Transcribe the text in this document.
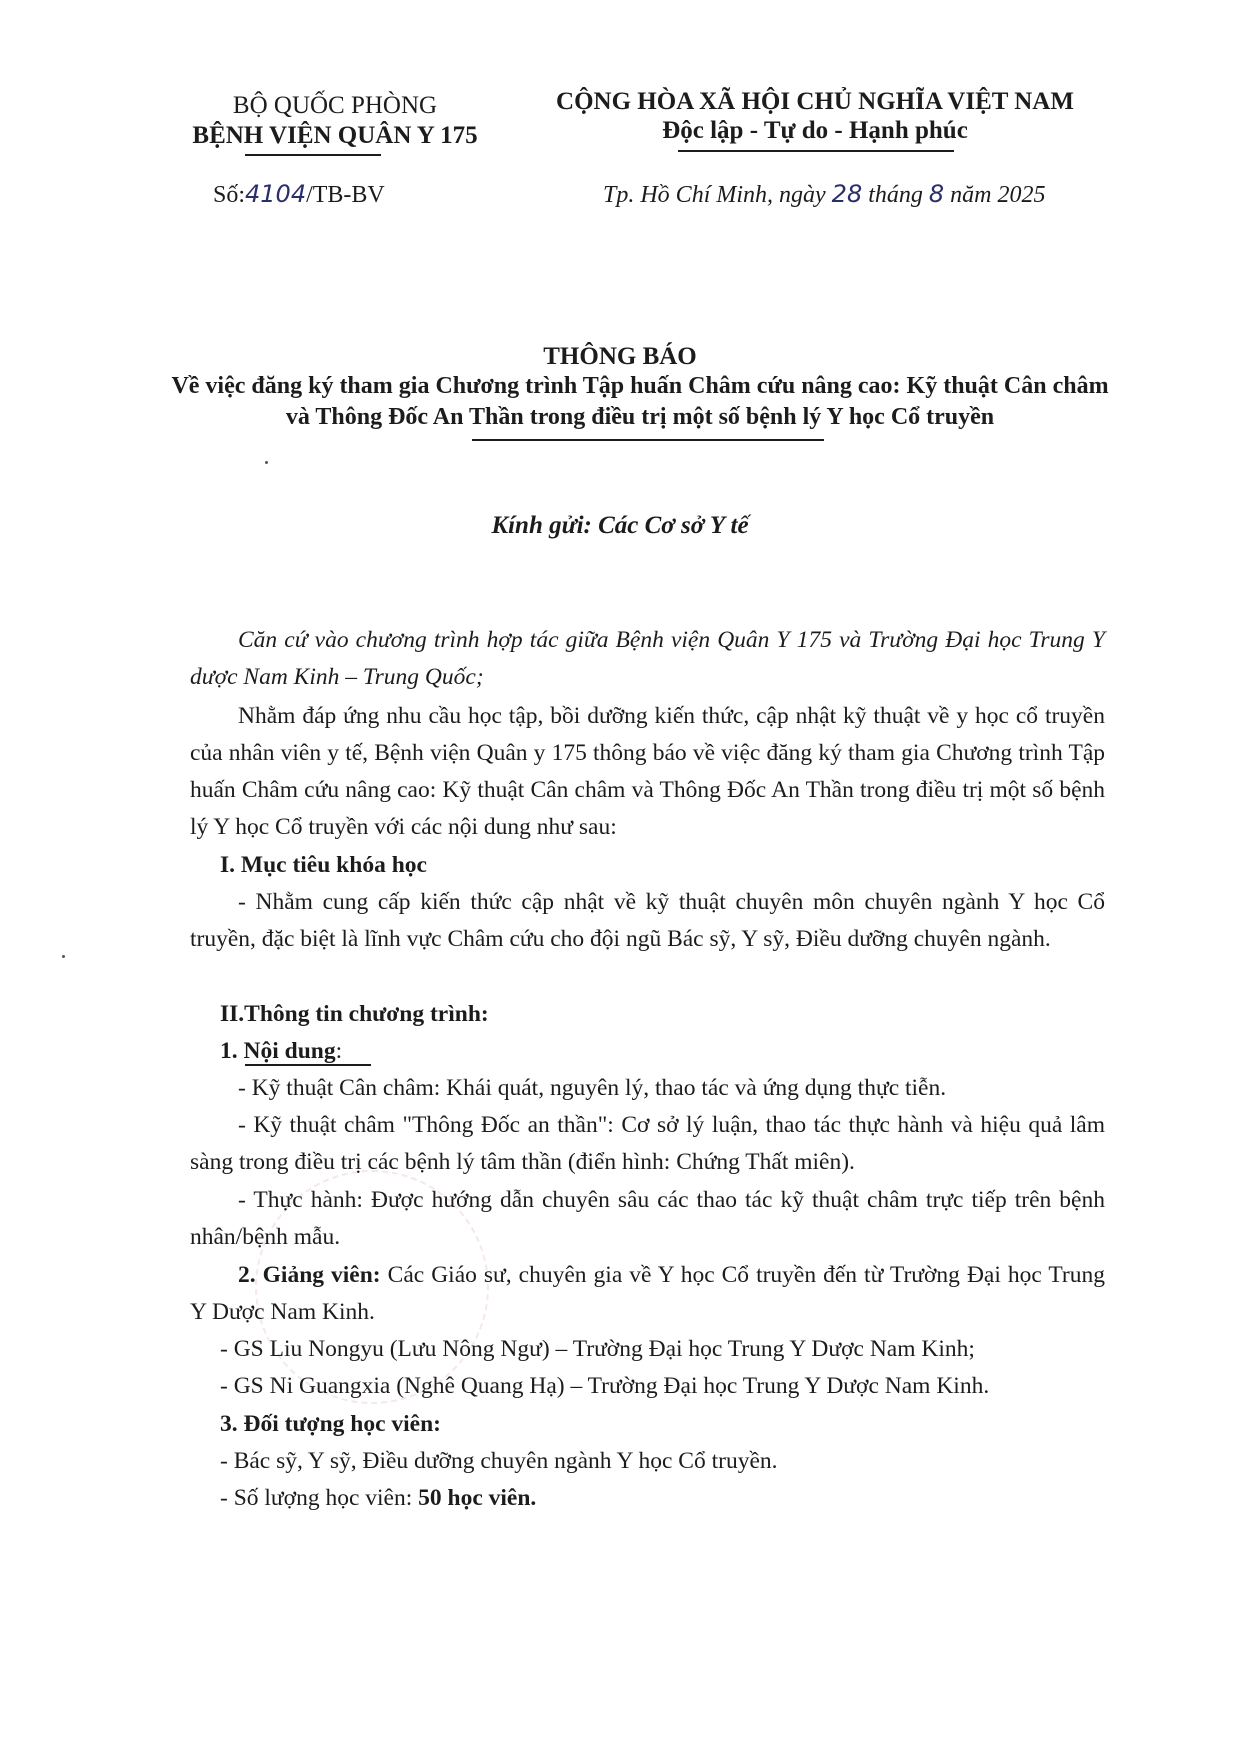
BỘ QUỐC PHÒNG
BỆNH VIỆN QUÂN Y 175
Số:4104/TB-BV
CỘNG HÒA XÃ HỘI CHỦ NGHĨA VIỆT NAM
Độc lập - Tự do - Hạnh phúc
Tp. Hồ Chí Minh, ngày 28 tháng 8 năm 2025
THÔNG BÁO
Về việc đăng ký tham gia Chương trình Tập huấn Châm cứu nâng cao: Kỹ thuật Cân châm
và Thông Đốc An Thần trong điều trị một số bệnh lý Y học Cổ truyền
Kính gửi: Các Cơ sở Y tế
Căn cứ vào chương trình hợp tác giữa Bệnh viện Quân Y 175 và Trường Đại học Trung Y dược Nam Kinh – Trung Quốc;
Nhằm đáp ứng nhu cầu học tập, bồi dưỡng kiến thức, cập nhật kỹ thuật về y học cổ truyền của nhân viên y tế, Bệnh viện Quân y 175 thông báo về việc đăng ký tham gia Chương trình Tập huấn Châm cứu nâng cao: Kỹ thuật Cân châm và Thông Đốc An Thần trong điều trị một số bệnh lý Y học Cổ truyền với các nội dung như sau:
I. Mục tiêu khóa học
- Nhằm cung cấp kiến thức cập nhật về kỹ thuật chuyên môn chuyên ngành Y học Cổ truyền, đặc biệt là lĩnh vực Châm cứu cho đội ngũ Bác sỹ, Y sỹ, Điều dưỡng chuyên ngành.
II.Thông tin chương trình:
1. Nội dung:
- Kỹ thuật Cân châm: Khái quát, nguyên lý, thao tác và ứng dụng thực tiễn.
- Kỹ thuật châm "Thông Đốc an thần": Cơ sở lý luận, thao tác thực hành và hiệu quả lâm sàng trong điều trị các bệnh lý tâm thần (điển hình: Chứng Thất miên).
- Thực hành: Được hướng dẫn chuyên sâu các thao tác kỹ thuật châm trực tiếp trên bệnh nhân/bệnh mẫu.
2. Giảng viên: Các Giáo sư, chuyên gia về Y học Cổ truyền đến từ Trường Đại học Trung Y Dược Nam Kinh.
- GS Liu Nongyu (Lưu Nông Ngư) – Trường Đại học Trung Y Dược Nam Kinh;
- GS Ni Guangxia (Nghê Quang Hạ) – Trường Đại học Trung Y Dược Nam Kinh.
3. Đối tượng học viên:
- Bác sỹ, Y sỹ, Điều dưỡng chuyên ngành Y học Cổ truyền.
- Số lượng học viên: 50 học viên.
